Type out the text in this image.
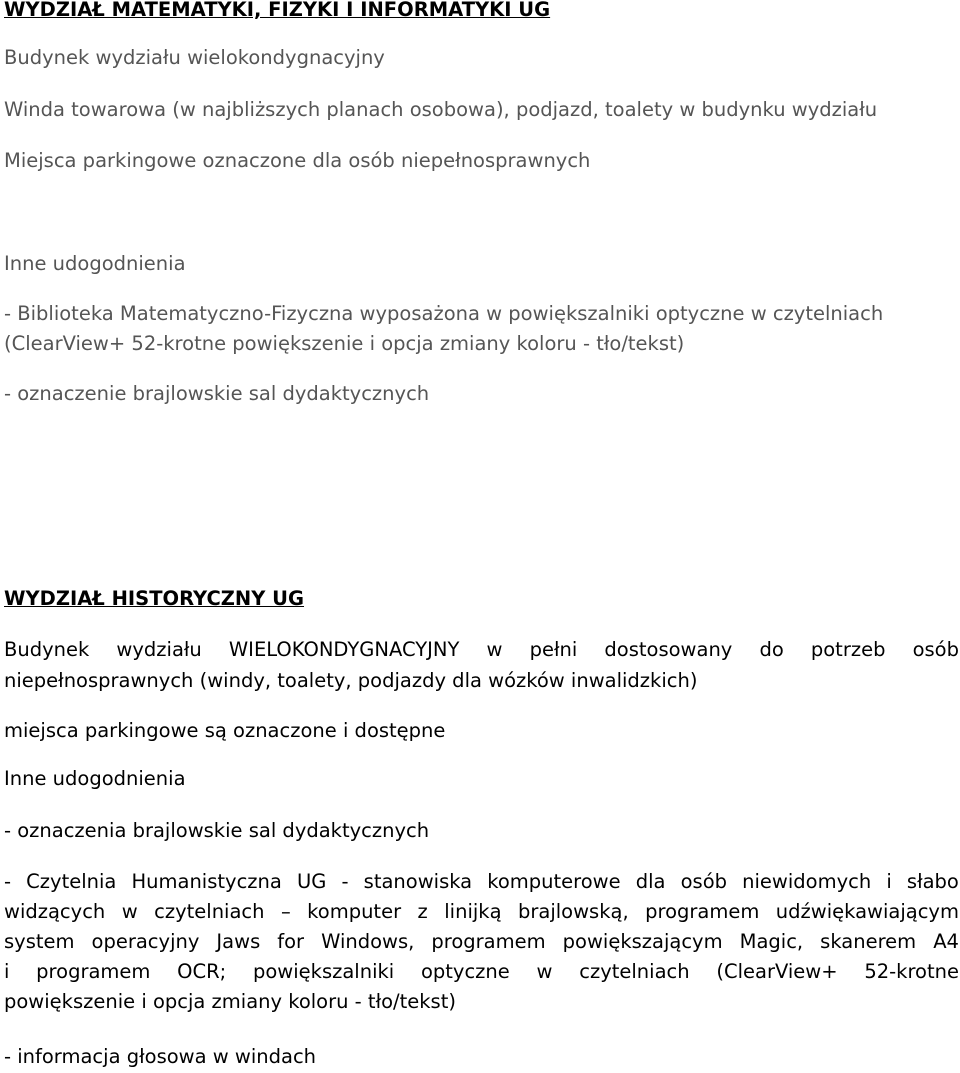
WYDZIAŁ MATEMATYKI, FIZYKI I INFORMATYKI UG
Budynek wydziału wielokondygnacyjny
Winda towarowa (w najbliższych planach osobowa), podjazd, toalety w budynku wydziału
Miejsca parkingowe oznaczone dla osób niepełnosprawnych
Inne udogodnienia
- Biblioteka Matematyczno-Fizyczna wyposażona w powiększalniki optyczne w czytelniach
(ClearView+ 52-krotne powiększenie i opcja zmiany koloru - tło/tekst)
- oznaczenie brajlowskie sal dydaktycznych
WYDZIAŁ HISTORYCZNY UG
Budynek wydziału WIELOKONDYGNACYJNY w pełni dostosowany do potrzeb osób
niepełnosprawnych (windy, toalety, podjazdy dla wózków inwalidzkich)
miejsca parkingowe są oznaczone i dostępne
Inne udogodnienia
- oznaczenia brajlowskie sal dydaktycznych
- Czytelnia Humanistyczna UG - stanowiska komputerowe dla osób niewidomych i słabo
widzących w czytelniach – komputer z linijką brajlowską, programem udźwiękawiającym
system operacyjny Jaws for Windows, programem powiększającym Magic, skanerem A4
i programem OCR; powiększalniki optyczne w czytelniach (ClearView+ 52-krotne
powiększenie i opcja zmiany koloru - tło/tekst)
- informacja głosowa w windach
